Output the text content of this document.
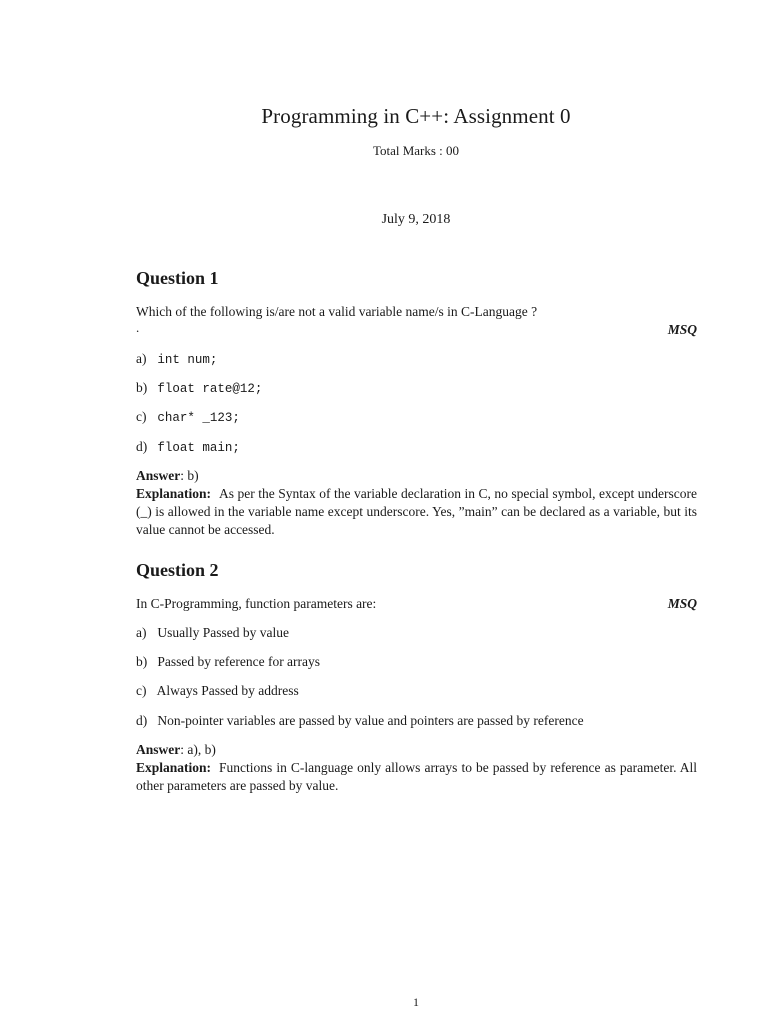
Programming in C++: Assignment 0
Total Marks : 00
July 9, 2018
Question 1
Which of the following is/are not a valid variable name/s in C-Language ?
.	MSQ
a) int num;
b) float rate@12;
c) char* _123;
d) float main;
Answer: b)
Explanation: As per the Syntax of the variable declaration in C, no special symbol, except underscore (_) is allowed in the variable name except underscore. Yes, ”main” can be declared as a variable, but its value cannot be accessed.
Question 2
In C-Programming, function parameters are:	MSQ
a) Usually Passed by value
b) Passed by reference for arrays
c) Always Passed by address
d) Non-pointer variables are passed by value and pointers are passed by reference
Answer: a), b)
Explanation: Functions in C-language only allows arrays to be passed by reference as parameter. All other parameters are passed by value.
1
